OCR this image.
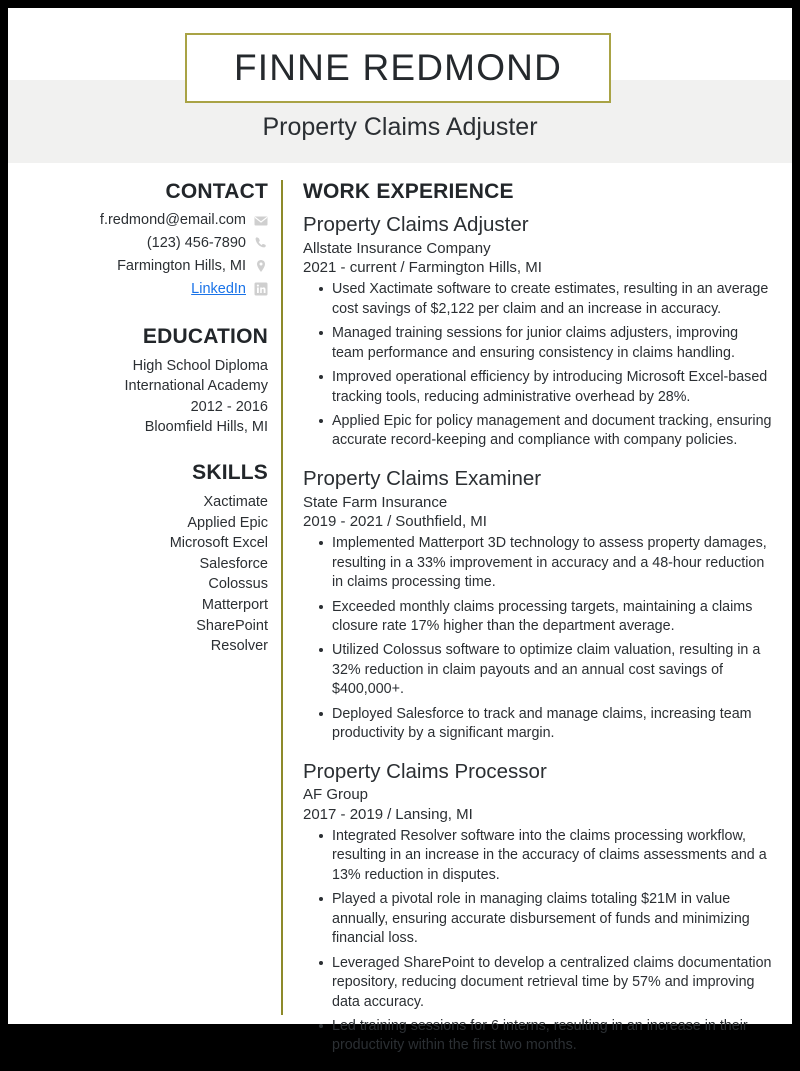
FINNE REDMOND
Property Claims Adjuster
CONTACT
f.redmond@email.com
(123) 456-7890
Farmington Hills, MI
LinkedIn
EDUCATION
High School Diploma
International Academy
2012 - 2016
Bloomfield Hills, MI
SKILLS
Xactimate
Applied Epic
Microsoft Excel
Salesforce
Colossus
Matterport
SharePoint
Resolver
WORK EXPERIENCE
Property Claims Adjuster
Allstate Insurance Company
2021 - current / Farmington Hills, MI
Used Xactimate software to create estimates, resulting in an average cost savings of $2,122 per claim and an increase in accuracy.
Managed training sessions for junior claims adjusters, improving team performance and ensuring consistency in claims handling.
Improved operational efficiency by introducing Microsoft Excel-based tracking tools, reducing administrative overhead by 28%.
Applied Epic for policy management and document tracking, ensuring accurate record-keeping and compliance with company policies.
Property Claims Examiner
State Farm Insurance
2019 - 2021 / Southfield, MI
Implemented Matterport 3D technology to assess property damages, resulting in a 33% improvement in accuracy and a 48-hour reduction in claims processing time.
Exceeded monthly claims processing targets, maintaining a claims closure rate 17% higher than the department average.
Utilized Colossus software to optimize claim valuation, resulting in a 32% reduction in claim payouts and an annual cost savings of $400,000+.
Deployed Salesforce to track and manage claims, increasing team productivity by a significant margin.
Property Claims Processor
AF Group
2017 - 2019 / Lansing, MI
Integrated Resolver software into the claims processing workflow, resulting in an increase in the accuracy of claims assessments and a 13% reduction in disputes.
Played a pivotal role in managing claims totaling $21M in value annually, ensuring accurate disbursement of funds and minimizing financial loss.
Leveraged SharePoint to develop a centralized claims documentation repository, reducing document retrieval time by 57% and improving data accuracy.
Led training sessions for 6 interns, resulting in an increase in their productivity within the first two months.
